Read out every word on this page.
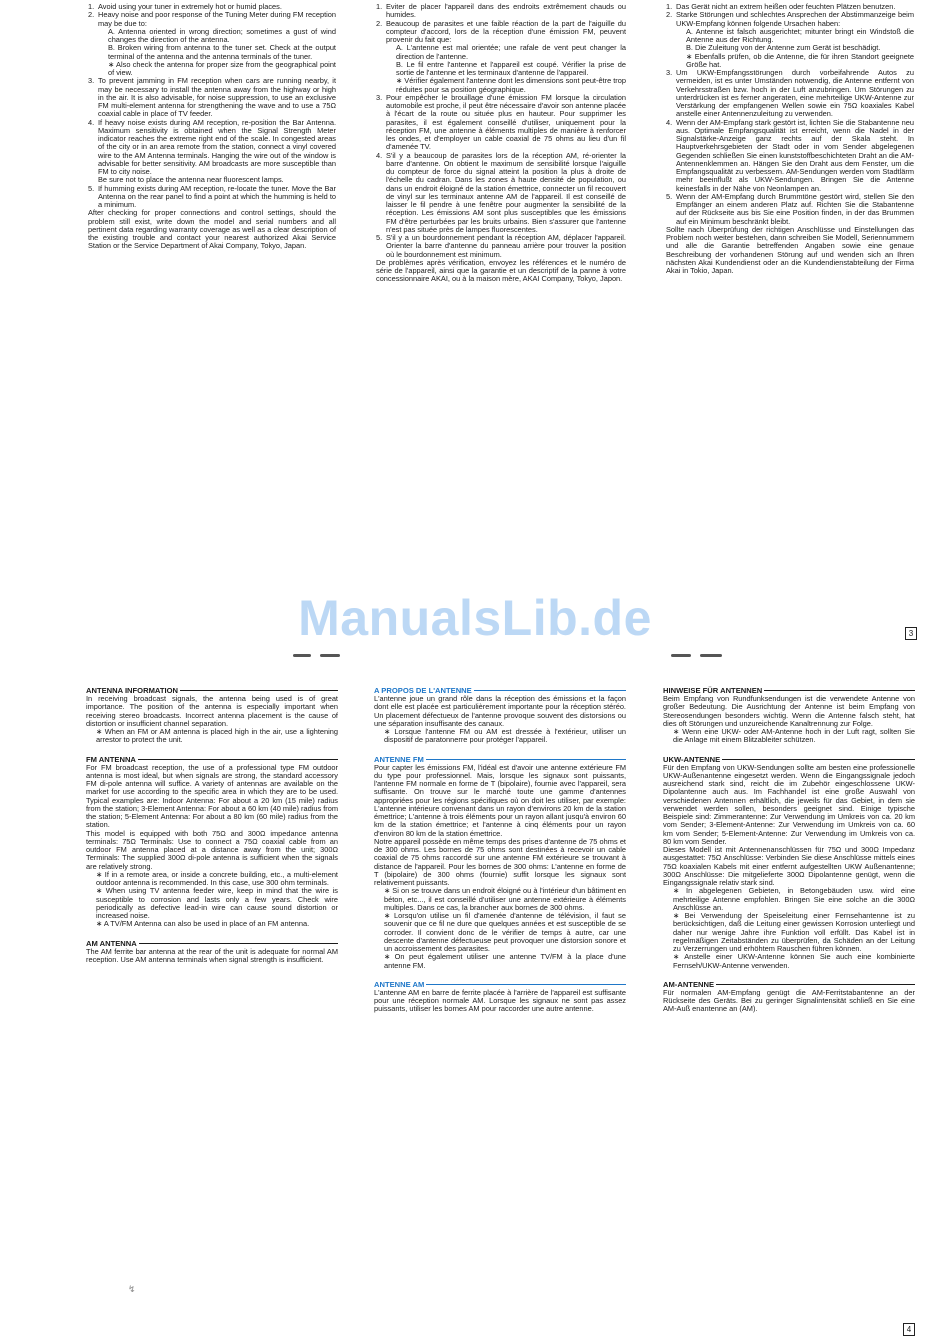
1. Avoid using your tuner in extremely hot or humid places.
2. Heavy noise and poor response of the Tuning Meter during FM reception may be due to:
A. Antenna oriented in wrong direction; sometimes a gust of wind changes the direction of the antenna.
B. Broken wiring from antenna to the tuner set. Check at the output terminal of the antenna and the antenna terminals of the tuner.
∗ Also check the antenna for proper size from the geographical point of view.
3. To prevent jamming in FM reception when cars are running nearby, it may be necessary to install the antenna away from the highway or high in the air. It is also advisable, for noise suppression, to use an exclusive FM multi-element antenna for strengthening the wave and to use a 75Ω coaxial cable in place of TV feeder.
4. If heavy noise exists during AM reception, re-position the Bar Antenna. Maximum sensitivity is obtained when the Signal Strength Meter indicator reaches the extreme right end of the scale. In congested areas of the city or in an area remote from the station, connect a vinyl covered wire to the AM Antenna terminals. Hanging the wire out of the window is advisable for better sensitivity. AM broadcasts are more susceptible than FM to city noise.
Be sure not to place the antenna near fluorescent lamps.
5. If humming exists during AM reception, re-locate the tuner. Move the Bar Antenna on the rear panel to find a point at which the humming is held to a minimum.

After checking for proper connections and control settings, should the problem still exist, write down the model and serial numbers and all pertinent data regarding warranty coverage as well as a clear description of the existing trouble and contact your nearest authorized Akai Service Station or the Service Department of Akai Company, Tokyo, Japan.

1. Eviter de placer l'appareil dans des endroits extrêmement chauds ou humides.
2. Beaucoup de parasites et une faible réaction de la part de l'aiguille du compteur d'accord, lors de la réception d'une émission FM, peuvent provenir du fait que:
A. L'antenne est mal orientée; une rafale de vent peut changer la direction de l'antenne.
B. Le fil entre l'antenne et l'appareil est coupé. Vérifier la prise de sortie de l'antenne et les terminaux d'antenne de l'appareil.
∗ Vérifier également l'antenne dont les dimensions sont peut-être trop réduites pour sa position géographique.
3. Pour empêcher le brouillage d'une émission FM lorsque la circulation automobile est proche, il peut être nécessaire d'avoir son antenne placée à l'écart de la route ou située plus en hauteur. Pour supprimer les parasites, il est également conseillé d'utiliser, uniquement pour la réception FM, une antenne à éléments multiples de manière à renforcer les ondes, et d'employer un cable coaxial de 75 ohms au lieu d'un fil d'amenée TV.
4. S'il y a beaucoup de parasites lors de la réception AM, ré-orienter la barre d'antenne. On obtient le maximum de sensibilité lorsque l'aiguille du compteur de force du signal atteint la position la plus à droite de l'échelle du cadran. Dans les zones à haute densité de population, ou dans un endroit éloigné de la station émettrice, connecter un fil recouvert de vinyl sur les terminaux antenne AM de l'appareil. Il est conseillé de laisser le fil pendre à une fenêtre pour augmenter la sensibilité de la réception. Les émissions AM sont plus susceptibles que les émissions FM d'être perturbées par les bruits urbains. Bien s'assurer que l'antenne n'est pas située près de lampes fluorescentes.
5. S'il y a un bourdonnement pendant la réception AM, déplacer l'appareil. Orienter la barre d'antenne du panneau arrière pour trouver la position où le bourdonnement est minimum.

De problèmes après vérification, envoyez les références et le numéro de série de l'appareil, ainsi que la garantie et un descriptif de la panne à votre concessionnaire AKAI, ou à la maison mère, AKAI Company, Tokyo, Japon.

1. Das Gerät nicht an extrem heißen oder feuchten Plätzen benutzen.
2. Starke Störungen und schlechtes Ansprechen der Abstimmanzeige beim UKW-Empfang können folgende Ursachen haben:
A. Antenne ist falsch ausgerichtet; mitunter bringt ein Windstoß die Antenne aus der Richtung.
B. Die Zuleitung von der Antenne zum Gerät ist beschädigt.
∗ Ebenfalls prüfen, ob die Antenne, die für ihren Standort geeignete Größe hat.
3. Um UKW-Empfangsstörungen durch vorbeifahrende Autos zu vermeiden, ist es unter Umständen notwendig, die Antenne entfernt von Verkehrsstraßen bzw. hoch in der Luft anzubringen. Um Störungen zu unterdrücken ist es ferner angeraten, eine mehrteilige UKW-Antenne zur Verstärkung der empfangenen Wellen sowie ein 75Ω koaxiales Kabel anstelle einer Antennenzuleitung zu verwenden.
4. Wenn der AM-Empfang stark gestört ist, lichten Sie die Stabantenne neu aus. Optimale Empfangsqualität ist erreicht, wenn die Nadel in der Signalstärke-Anzeige ganz rechts auf der Skala steht. In Hauptverkehrsgebieten der Stadt oder in vom Sender abgelegenen Gegenden schließen Sie einen kunststoffbeschichteten Draht an die AM-Antennenklemmen an. Hängen Sie den Draht aus dem Fenster, um die Empfangsqualität zu verbessern. AM-Sendungen werden vom Stadtlärm mehr beeinflußt als UKW-Sendungen. Bringen Sie die Antenne keinesfalls in der Nähe von Neonlampen an.
5. Wenn der AM-Empfang durch Brummtöne gestört wird, stellen Sie den Empfänger an einem anderen Platz auf. Richten Sie die Stabantenne auf der Rückseite aus bis Sie eine Position finden, in der das Brummen auf ein Minimum beschränkt bleibt.

Sollte nach Überprüfung der richtigen Anschlüsse und Einstellungen das Problem noch weiter bestehen, dann schreiben Sie Modell, Seriennummern und alle die Garantie betreffenden Angaben sowie eine genaue Beschreibung der vorhandenen Störung auf und wenden sich an Ihren nächsten Akai Kundendienst oder an die Kundendienstabteilung der Firma Akai in Tokio, Japan.

ManualsLib.de	3
ANTENNA INFORMATION

In receiving broadcast signals, the antenna being used is of great importance. The position of the antenna is especially important when receiving stereo broadcasts. Incorrect antenna placement is the cause of distortion or insufficient channel separation.

∗ When an FM or AM antenna is placed high in the air, use a lightening arrestor to protect the unit.
FM ANTENNA

For FM broadcast reception, the use of a professional type FM outdoor antenna is most ideal, but when signals are strong, the standard accessory FM di-pole antenna will suffice. A variety of antennas are available on the market for use according to the specific area in which they are to be used. Typical examples are: Indoor Antenna: For about a 20 km (15 mile) radius from the station; 3-Element Antenna: For about a 60 km (40 mile) radius from the station; 5-Element Antenna: For about a 80 km (60 mile) radius from the station.

This model is equipped with both 75Ω and 300Ω impedance antenna terminals: 75Ω Terminals: Use to connect a 75Ω coaxial cable from an outdoor FM antenna placed at a distance away from the unit; 300Ω Terminals: The supplied 300Ω di-pole antenna is sufficient when the signals are relatively strong.

∗ If in a remote area, or inside a concrete building, etc., a multi-element outdoor antenna is recommended. In this case, use 300 ohm terminals.
∗ When using TV antenna feeder wire, keep in mind that the wire is susceptible to corrosion and lasts only a few years. Check wire periodically as defective lead-in wire can cause sound distortion or increased noise.
∗ A TV/FM Antenna can also be used in place of an FM antenna.
AM ANTENNA

The AM ferrite bar antenna at the rear of the unit is adequate for normal AM reception. Use AM antenna terminals when signal strength is insufficient.

A PROPOS DE L'ANTENNE

L'antenne joue un grand rôle dans la réception des émissions et la façon dont elle est placée est particulièrement importante pour la réception stéréo. Un placement défectueux de l'antenne provoque souvent des distorsions ou une séparation insuffisante des canaux.

∗ Lorsque l'antenne FM ou AM est dressée à l'extérieur, utiliser un dispositif de paratonnerre pour protéger l'appareil.
ANTENNE FM

Pour capter les émissions FM, l'idéal est d'avoir une antenne extérieure FM du type pour professionnel. Mais, lorsque les signaux sont puissants, l'antenne FM normale en forme de T (bipolaire), fournie avec l'appareil, sera suffisante. On trouve sur le marché toute une gamme d'antennes appropriées pour les régions spécifiques où on doit les utiliser, par exemple: L'antenne intérieure convenant dans un rayon d'environs 20 km de la station émettrice; L'antenne à trois éléments pour un rayon allant jusqu'à environ 60 km de la station émettrice; et l'antenne à cinq éléments pour un rayon d'environ 80 km de la station émettrice.

Notre appareil possède en même temps des prises d'antenne de 75 ohms et de 300 ohms. Les bornes de 75 ohms sont destinées à recevoir un cable coaxial de 75 ohms raccordé sur une antenne FM extérieure se trouvant à distance de l'appareil. Pour les bornes de 300 ohms: L'antenne en forme de T (bipolaire) de 300 ohms (fournie) suffit lorsque les signaux sont relativement puissants.

∗ Si on se trouve dans un endroit éloigné ou à l'intérieur d'un bâtiment en béton, etc..., il est conseillé d'utiliser une antenne extérieure à éléments multiples. Dans ce cas, la brancher aux bornes de 300 ohms.
∗ Lorsqu'on utilise un fil d'amenée d'antenne de télévision, il faut se souvenir que ce fil ne dure que quelques années et est susceptible de se corroder. Il convient donc de le vérifier de temps à autre, car une descente d'antenne défectueuse peut provoquer une distorsion sonore et un accroissement des parasites.
∗ On peut également utiliser une antenne TV/FM à la place d'une antenne FM.
ANTENNE AM

L'antenne AM en barre de ferrite placée à l'arrière de l'appareil est suffisante pour une réception normale AM. Lorsque les signaux ne sont pas assez puissants, utiliser les bornes AM pour raccorder une autre antenne.

HINWEISE FÜR ANTENNEN

Beim Empfang von Rundfunksendungen ist die verwendete Antenne von großer Bedeutung. Die Ausrichtung der Antenne ist beim Empfang von Stereosendungen besonders wichtig. Wenn die Antenne falsch steht, hat dies oft Störungen und unzureichende Kanaltrennung zur Folge.

∗ Wenn eine UKW- oder AM-Antenne hoch in der Luft ragt, sollten Sie die Anlage mit einem Blitzableiter schützen.
UKW-ANTENNE

Für den Empfang von UKW-Sendungen sollte am besten eine professionelle UKW-Außenantenne eingesetzt werden. Wenn die Eingangssignale jedoch ausreichend stark sind, reicht die im Zubehör eingeschlossene UKW-Dipolantenne auch aus. Im Fachhandel ist eine große Auswahl von verschiedenen Antennen erhältlich, die jeweils für das Gebiet, in dem sie verwendet werden sollen, besonders geeignet sind. Einige typische Beispiele sind: Zimmerantenne: Zur Verwendung im Umkreis von ca. 20 km vom Sender; 3-Element-Antenne: Zur Verwendung im Umkreis von ca. 60 km vom Sender; 5-Element-Antenne: Zur Verwendung im Umkreis von ca. 80 km vom Sender.

Dieses Modell ist mit Antennenanschlüssen für 75Ω und 300Ω Impedanz ausgestattet: 75Ω Anschlüsse: Verbinden Sie diese Anschlüsse mittels eines 75Ω koaxialen Kabels mit einer entfernt aufgestellten UKW Außenantenne; 300Ω Anschlüsse: Die mitgelieferte 300Ω Dipolantenne genügt, wenn die Eingangssignale relativ stark sind.

∗ In abgelegenen Gebieten, in Betongebäuden usw. wird eine mehrteilige Antenne empfohlen. Bringen Sie eine solche an die 300Ω Anschlüsse an.
∗ Bei Verwendung der Speiseleitung einer Fernsehantenne ist zu berücksichtigen, daß die Leitung einer gewissen Korrosion unterliegt und daher nur wenige Jahre ihre Funktion voll erfüllt. Das Kabel ist in regelmäßigen Zeitabständen zu überprüfen, da Schäden an der Leitung zu Verzerrungen und erhöhtem Rauschen führen können.
∗ Anstelle einer UKW-Antenne können Sie auch eine kombinierte Fernseh/UKW-Antenne verwenden.
AM-ANTENNE

Für normalen AM-Empfang genügt die AM-Ferritstabantenne an der Rückseite des Geräts. Bei zu geringer Signalintensität schließ en Sie eine AM-Auß enantenne an (AM).

↯
4
